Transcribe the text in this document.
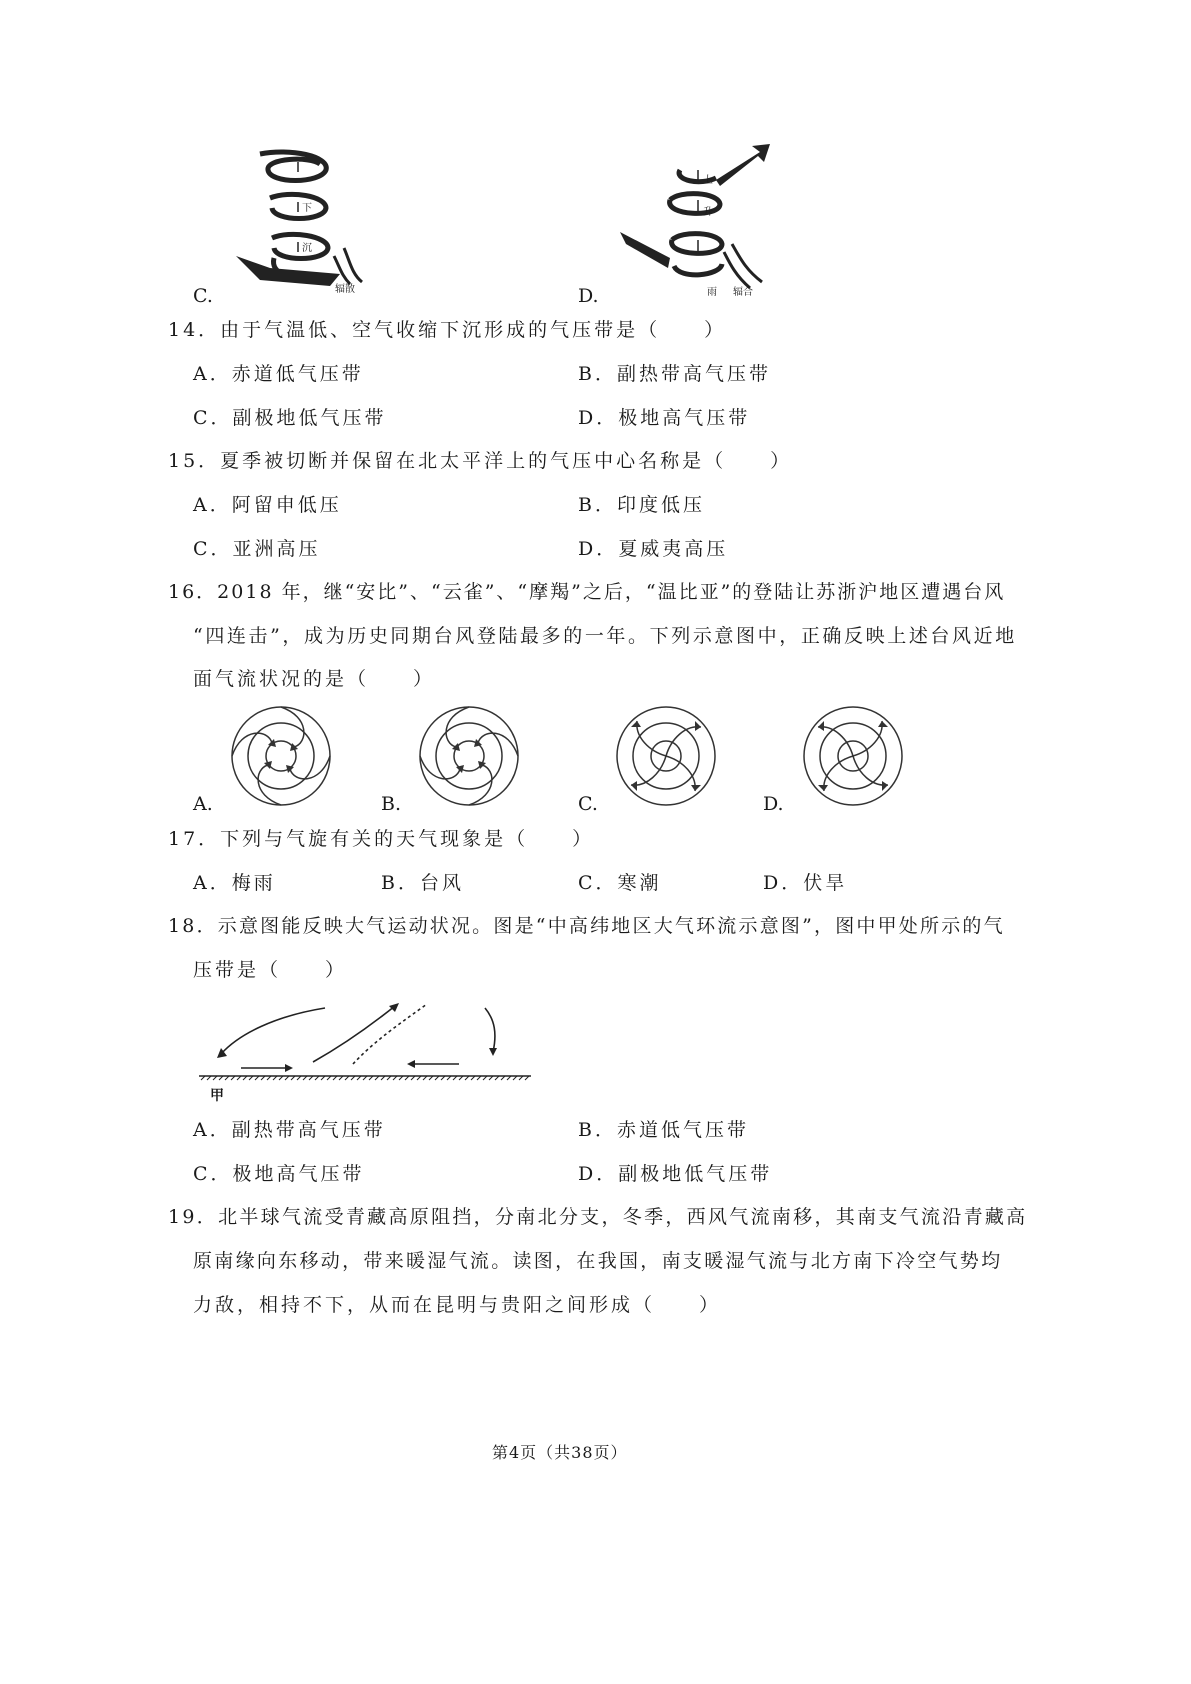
下
沉
辐散
上
升
雨 辐合
C.	D.
14．由于气温低、空气收缩下沉形成的气压带是（　　）
A．赤道低气压带	B．副热带高气压带
C．副极地低气压带	D．极地高气压带
15．夏季被切断并保留在北太平洋上的气压中心名称是（　　）
A．阿留申低压	B．印度低压
C．亚洲高压	D．夏威夷高压
16．2018 年，继“安比”、“云雀”、“摩羯”之后，“温比亚”的登陆让苏浙沪地区遭遇台风
“四连击”，成为历史同期台风登陆最多的一年。下列示意图中，正确反映上述台风近地
面气流状况的是（　　）
A.	B.	C.	D.
17．下列与气旋有关的天气现象是（　　）
A．梅雨	B．台风	C．寒潮	D．伏旱
18．示意图能反映大气运动状况。图是“中高纬地区大气环流示意图”，图中甲处所示的气
压带是（　　）
甲
A．副热带高气压带	B．赤道低气压带
C．极地高气压带	D．副极地低气压带
19．北半球气流受青藏高原阻挡，分南北分支，冬季，西风气流南移，其南支气流沿青藏高
原南缘向东移动，带来暖湿气流。读图，在我国，南支暖湿气流与北方南下冷空气势均
力敌，相持不下，从而在昆明与贵阳之间形成（　　）
第4页（共38页）
